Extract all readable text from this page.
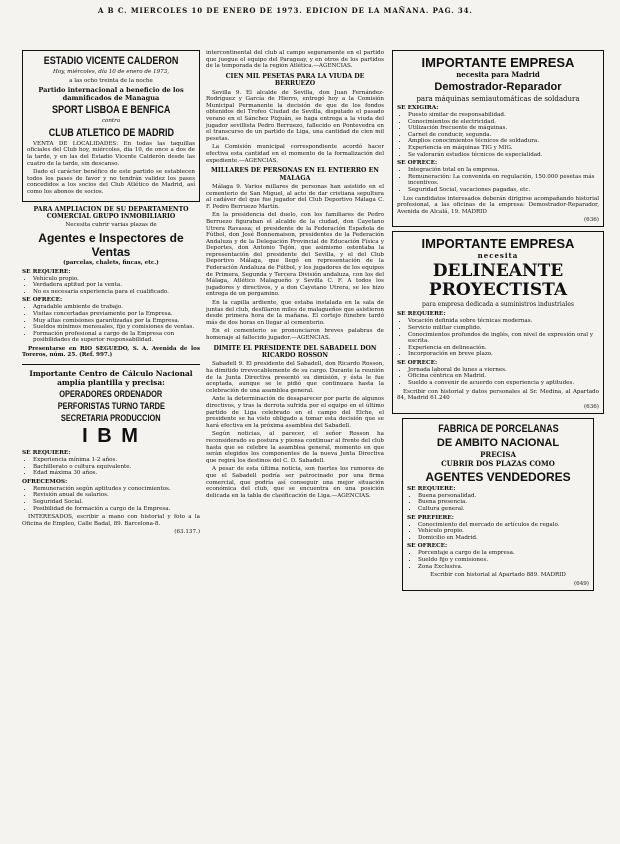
A B C. MIERCOLES 10 DE ENERO DE 1973. EDICION DE LA MAÑANA. PAG. 34.
ESTADIO VICENTE CALDERON

Hoy, miércoles, día 10 de enero de 1973,

a las ocho treinta de la noche

Partido internacional a beneficio de los damnificados de Managua

SPORT LISBOA E BENFICA

contra

CLUB ATLETICO DE MADRID

VENTA DE LOCALIDADES: En todas las taquillas oficiales del Club hoy, miércoles, día 10, de once a dos de la tarde, y en las del Estadio Vicente Calderón desde las cuatro de la tarde, sin descanso.

Dado el carácter benéfico de este partido se establecen todos los pases de favor y no tendrán validez los pases concedidos a los socios del Club Atlético de Madrid, así como los abonos de socios.

PARA AMPLIACION DE SU DEPARTAMENTO COMERCIAL GRUPO INMOBILIARIO

Necesita cubrir varias plazas de

Agentes e Inspectores de Ventas

(parcelas, chalets, fincas, etc.)

SE REQUIERE:

• Vehículo propio.
• Verdadera aptitud por la venta.
• No es necesaria experiencia para el cualificado.

SE OFRECE:

• Agradable ambiente de trabajo.
• Visitas concertadas previamente por la Empresa.
• Muy altas comisiones garantizadas por la Empresa.
• Sueldos mínimos mensuales, fijo y comisiones de ventas.
• Formación profesional a cargo de la Empresa con posibilidades de superior responsabilidad.

Presentarse en RIO SEGUEDO, S. A. Avenida de los Toreros, núm. 25. (Ref. 997.)

Importante Centro de Cálculo Nacional amplía plantilla y precisa:

OPERADORES ORDENADOR
PERFORISTAS TURNO TARDE
SECRETARIA PRODUCCION
I B M

SE REQUIERE:

• Experiencia mínima 1-2 años.
• Bachillerato o cultura equivalente.
• Edad máxima 30 años.

OFRECEMOS:

• Remuneración según aptitudes y conocimientos.
• Revisión anual de salarios.
• Seguridad Social.
• Posibilidad de formación a cargo de la Empresa.

INTERESADOS, escribir a mano con historial y foto a la Oficina de Empleo, Calle Badal, 89. Barcelona-8.

(63.137.)

intercontinental del club al campo seguramente en el partido que juegue el equipo del Paraguay, y en otros de los partidos de la temporada de la región Atlética.—AGENCIAS.

CIEN MIL PESETAS PARA LA VIUDA DE BERRUEZO

Sevilla 9. El alcalde de Sevilla, don Juan Fernández-Rodríguez y García de Hierro, entregó hoy a la Comisión Municipal Permanente la decisión de que de los fondos obtenidos del Trofeo Ciudad de Sevilla, disputado el pasado verano en el Sánchez Pizjuán, se haga entrega a la viuda del jugador sevillista Pedro Berruezo, fallecido en Pontevedra en el transcurso de un partido de Liga, una cantidad de cien mil pesetas.

La Comisión municipal correspondiente acordó hacer efectiva esta cantidad en el momento de la formalización del expediente.—AGENCIAS.

MILLARES DE PERSONAS EN EL ENTIERRO EN MALAGA

Málaga 9. Varios millares de personas han asistido en el cementerio de San Miguel, al acto de dar cristiana sepultura al cadáver del que fue jugador del Club Deportivo Málaga C. F. Pedro Berruezo Martín.

En la presidencia del duelo, con los familiares de Pedro Berruezo figuraban el alcalde de la ciudad, don Cayetano Utrera Ravassa; el presidente de la Federación Española de Fútbol, don José Bonnemaison, presidentes de la Federación Andaluza y de la Delegación Provincial de Educación Física y Deportes, don Antonio Tejón, que asimismo ostentaba la representación del presidente del Sevilla, y el del Club Deportivo Málaga, que llegó en representación de la Federación Andaluza de Fútbol, y los jugadores de los equipos de Primera, Segunda y Tercera División andaluza, con los del Málaga, Atlético Malagueño y Sevilla C. F. A todos los jugadores y directivos, y a don Cayetano Utrera, se les hizo entrega de un pergamino.

En la capilla ardiente, que estaba instalada en la sala de juntas del club, desfilaron miles de malagueños que asistieron desde primera hora de la mañana. El cortejo fúnebre tardó más de dos horas en llegar al cementerio.

En el cementerio se pronunciaron breves palabras de homenaje al fallecido jugador.—AGENCIAS.

DIMITE EL PRESIDENTE DEL SABADELL DON RICARDO ROSSON

Sabadell 9. El presidente del Sabadell, don Ricardo Rosson, ha dimitido irrevocablemente de su cargo. Durante la reunión de la Junta Directiva presentó su dimisión, y ésta le fue aceptada, aunque se le pidió que continuara hasta la celebración de una asamblea general.

Ante la determinación de desaparecer por parte de algunos directivos, y tras la derrota sufrida por el equipo en el último partido de Liga celebrado en el campo del Elche, el presidente se ha visto obligado a tomar esta decisión que se hará efectiva en la próxima asamblea del Sabadell.

Según noticias, al parecer, el señor Rosson ha reconsiderado su postura y piensa continuar al frente del club hasta que se celebre la asamblea general, momento en que serán elegidos los componentes de la nueva Junta Directiva que regirá los destinos del C. D. Sabadell.

A pesar de esta última noticia, son fuertes los rumores de que el Sabadell podría ser patrocinado por una firma comercial, que podría así conseguir una mejor situación económica del club, que se encuentra en una posición delicada en la tabla de clasificación de Liga.—AGENCIAS.

IMPORTANTE EMPRESA
necesita para Madrid
Demostrador-Reparador
para máquinas semiautomáticas de soldadura

SE EXIGIRA:

• Puesto similar de responsabilidad.
• Conocimientos de electricidad.
• Utilización frecuente de máquinas.
• Carnet de conducir, segunda.
• Amplios conocimientos técnicos de soldadura.
• Experiencia en máquinas TIG y MIG.
• Se valorarán estudios técnicos de especialidad.

SE OFRECE:

• Integración total en la empresa.
• Remuneración: La convenida en regulación, 150.000 pesetas más incentivos.
• Seguridad Social, vacaciones pagadas, etc.

Los candidatos interesados deberán dirigirse acompañando historial profesional, a las oficinas de la empresa: Demostrador-Reparador, Avenida de Alcalá, 19. MADRID

(636)

IMPORTANTE EMPRESA
necesita
DELINEANTE
PROYECTISTA
para empresa dedicada a suministros industriales

SE REQUIERE:

• Vocación definida sobre técnicas modernas.
• Servicio militar cumplido.
• Conocimientos profundos de inglés, con nivel de expresión oral y escrita.
• Experiencia en delineación.
• Incorporación en breve plazo.

SE OFRECE:

• Jornada laboral de lunes a viernes.
• Oficina céntrica en Madrid.
• Sueldo a convenir de acuerdo con experiencia y aptitudes.

Escribir con historial y datos personales al Sr. Medina, al Apartado 84, Madrid 61.240

(636)

FABRICA DE PORCELANAS
DE AMBITO NACIONAL
PRECISA
CUBRIR DOS PLAZAS COMO
AGENTES VENDEDORES

SE REQUIERE:

• Buena personalidad.
• Buena presencia.
• Cultura general.

SE PREFIERE:

• Conocimiento del mercado de artículos de regalo.
• Vehículo propio.
• Domicilio en Madrid.

SE OFRECE:

• Porcentaje a cargo de la empresa.
• Sueldo fijo y comisiones.
• Zona Exclusiva.

Escribir con historial al Apartado 889. MADRID

(649)
